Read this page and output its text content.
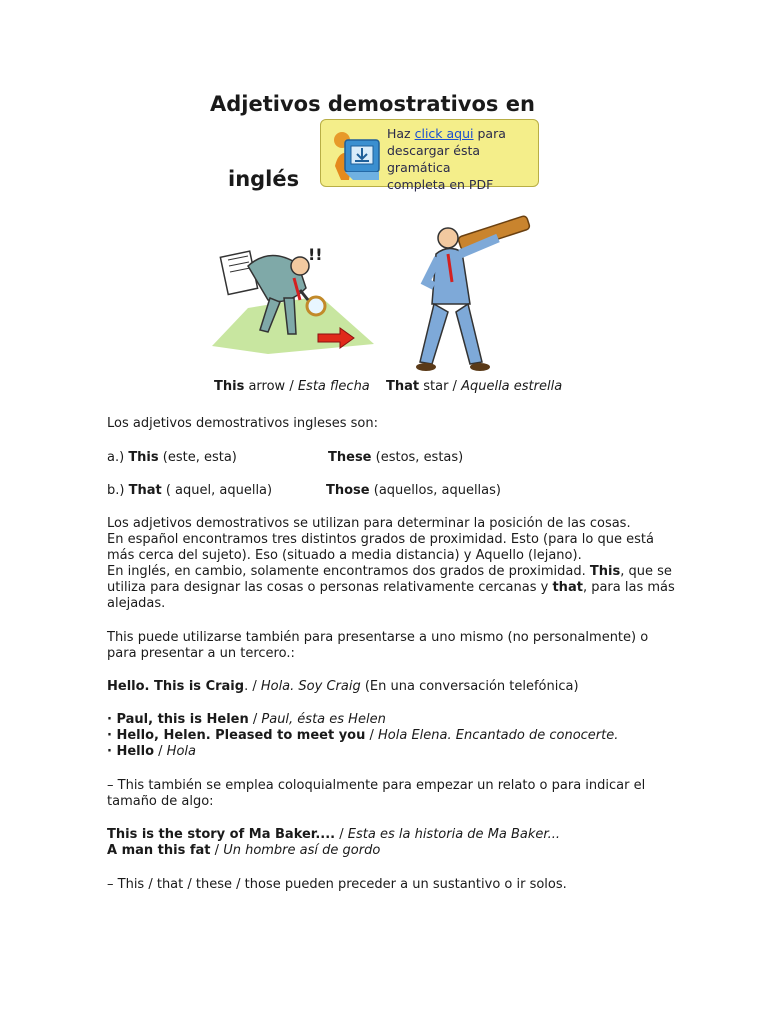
Adjetivos demostrativos en
inglés
Haz click aqui para
descargar ésta gramática
completa en PDF
!!
This arrow / Esta flecha That star / Aquella estrella
Los adjetivos demostrativos ingleses son:
a.) This (este, esta)	These (estos, estas)
b.) That ( aquel, aquella)	Those (aquellos, aquellas)
Los adjetivos demostrativos se utilizan para determinar la posición de las cosas.
En español encontramos tres distintos grados de proximidad. Esto (para lo que está
más cerca del sujeto). Eso (situado a media distancia) y Aquello (lejano).
En inglés, en cambio, solamente encontramos dos grados de proximidad. This, que se
utiliza para designar las cosas o personas relativamente cercanas y that, para las más
alejadas.
This puede utilizarse también para presentarse a uno mismo (no personalmente) o
para presentar a un tercero.:
Hello. This is Craig. / Hola. Soy Craig (En una conversación telefónica)
· Paul, this is Helen / Paul, ésta es Helen
· Hello, Helen. Pleased to meet you / Hola Elena. Encantado de conocerte.
· Hello / Hola
– This también se emplea coloquialmente para empezar un relato o para indicar el
tamaño de algo:
This is the story of Ma Baker.... / Esta es la historia de Ma Baker...
A man this fat / Un hombre así de gordo
– This / that / these / those pueden preceder a un sustantivo o ir solos.
